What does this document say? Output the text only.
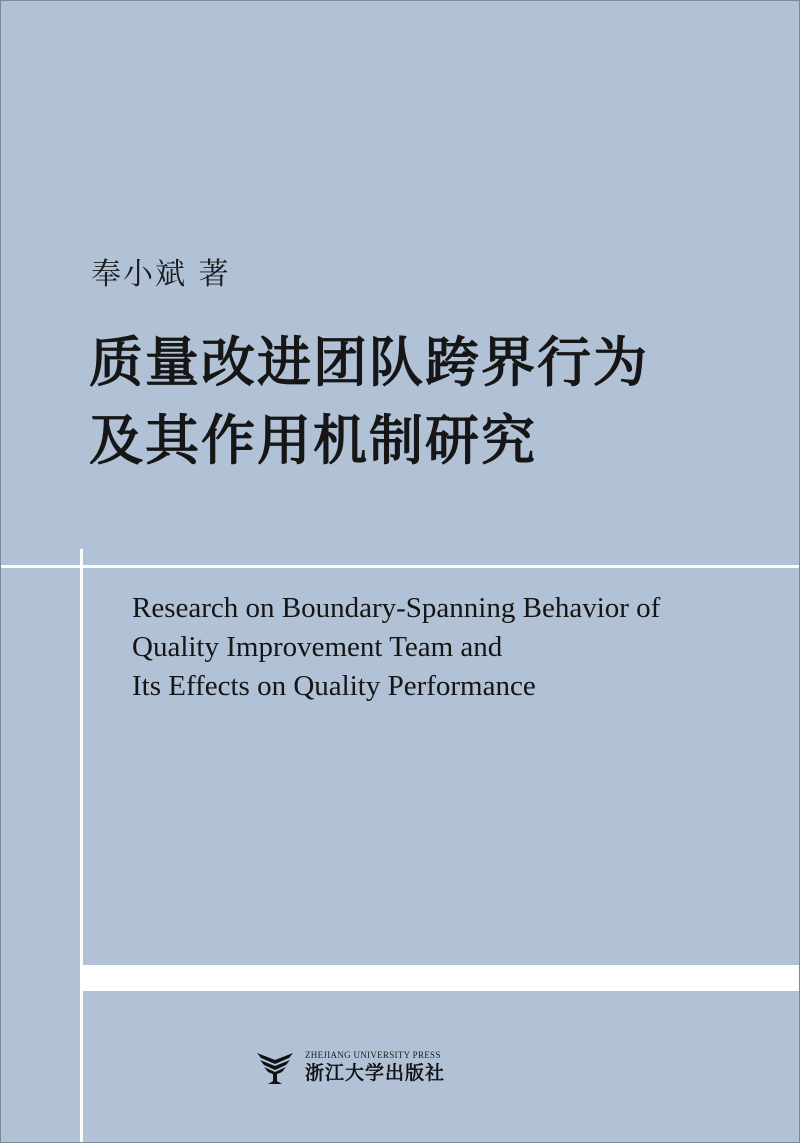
奉小斌 著
质量改进团队跨界行为
及其作用机制研究
Research on Boundary-Spanning Behavior of
Quality Improvement Team and
Its Effects on Quality Performance
ZHEJIANG UNIVERSITY PRESS
浙江大学出版社
